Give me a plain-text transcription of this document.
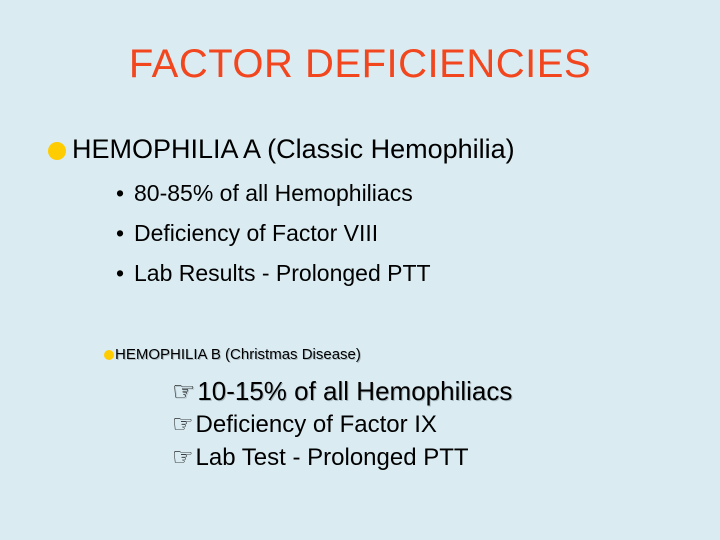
FACTOR DEFICIENCIES
HEMOPHILIA A (Classic Hemophilia)
• 80-85% of all Hemophiliacs
• Deficiency of Factor VIII
• Lab Results - Prolonged PTT
HEMOPHILIA B (Christmas Disease)
☞ 10-15% of all Hemophiliacs
☞ Deficiency of Factor IX
☞ Lab Test - Prolonged PTT
